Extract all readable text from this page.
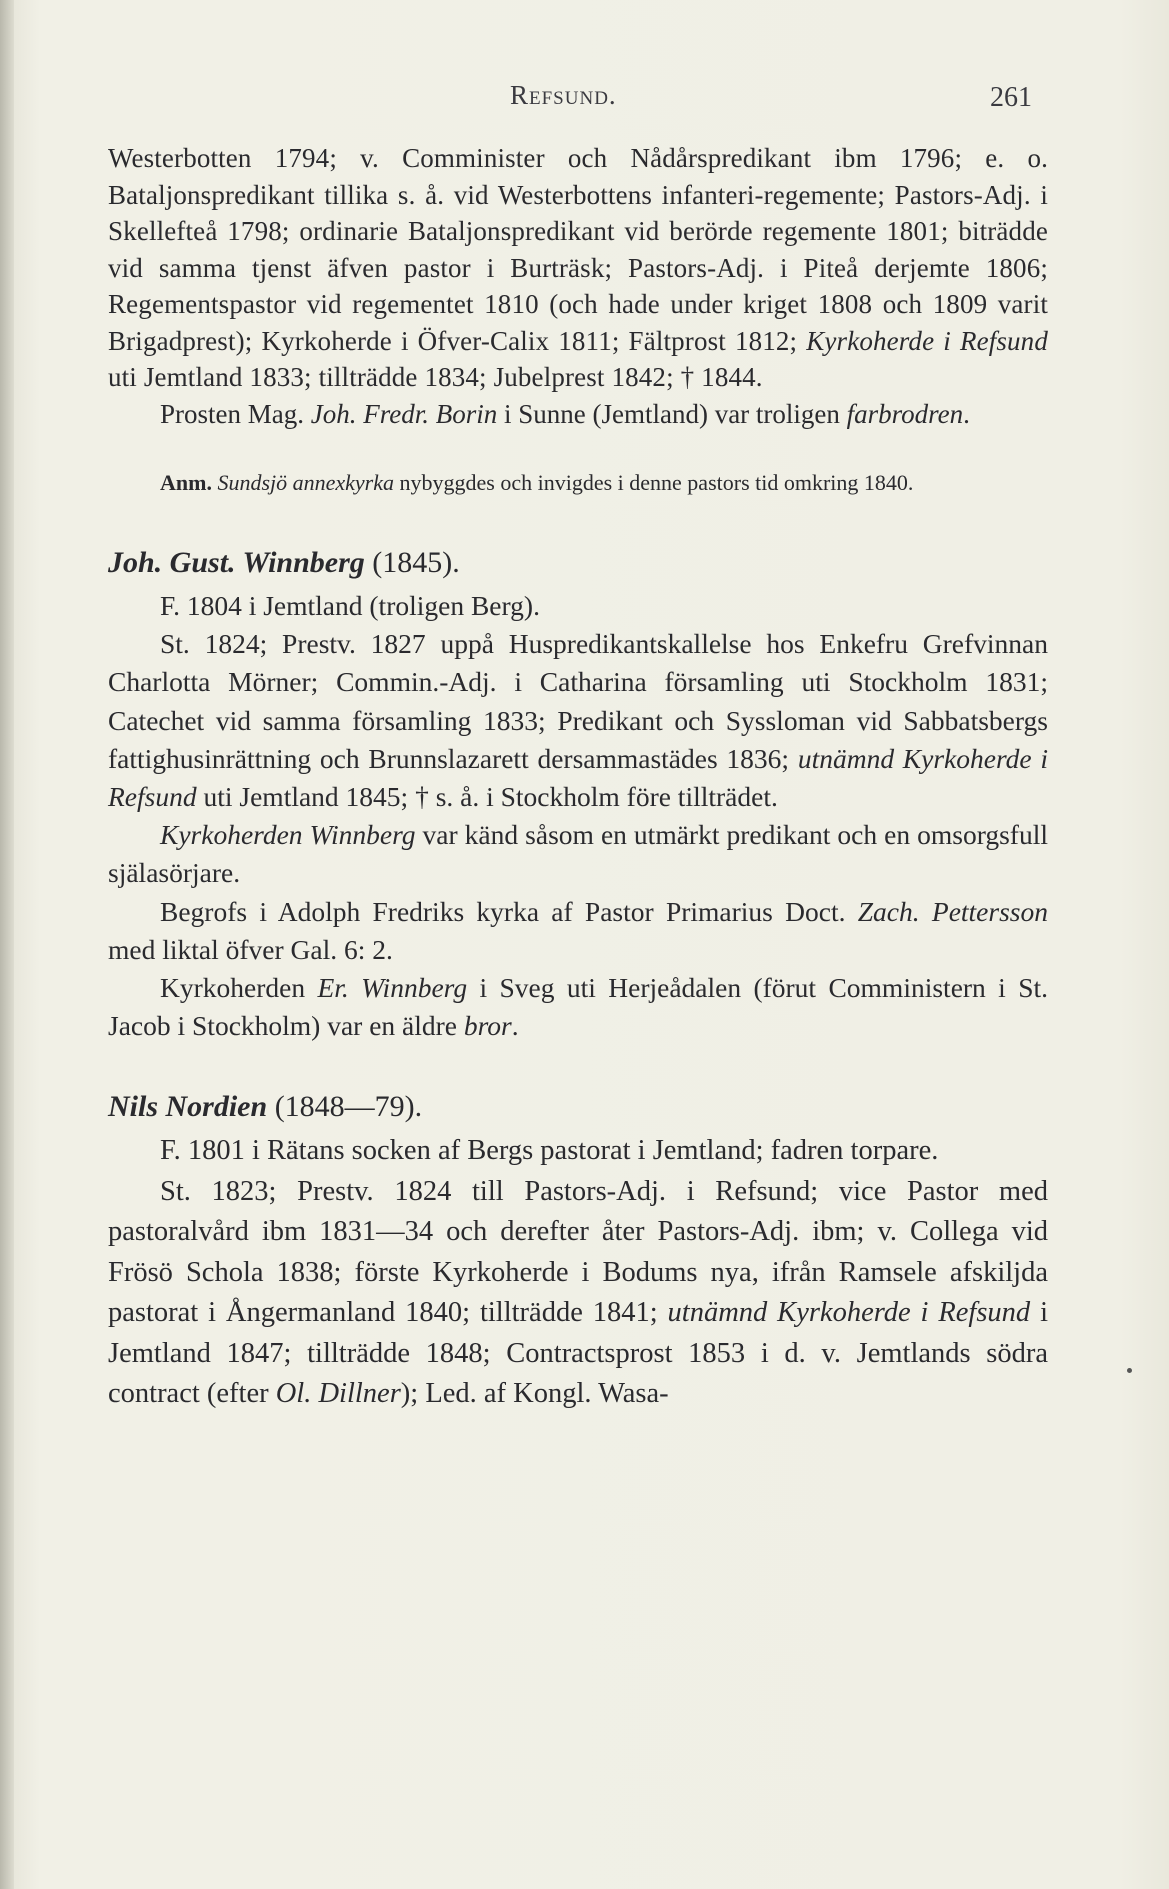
Refsund.	261

Westerbotten 1794; v. Comminister och Nådårspredikant ibm 1796; e. o. Bataljonspredikant tillika s. å. vid Westerbottens infanteri-regemente; Pastors-Adj. i Skellefteå 1798; ordinarie Bataljonspredikant vid berörde regemente 1801; biträdde vid samma tjenst äfven pastor i Burträsk; Pastors-Adj. i Piteå derjemte 1806; Regementspastor vid regementet 1810 (och hade under kriget 1808 och 1809 varit Brigadprest); Kyrkoherde i Öfver-Calix 1811; Fältprost 1812; Kyrkoherde i Refsund uti Jemtland 1833; tillträdde 1834; Jubelprest 1842; † 1844.

Prosten Mag. Joh. Fredr. Borin i Sunne (Jemtland) var troligen farbrodren.

Anm. Sundsjö annexkyrka nybyggdes och invigdes i denne pastors tid omkring 1840.

Joh. Gust. Winnberg (1845).

F. 1804 i Jemtland (troligen Berg).

St. 1824; Prestv. 1827 uppå Huspredikantskallelse hos Enkefru Grefvinnan Charlotta Mörner; Commin.-Adj. i Catharina församling uti Stockholm 1831; Catechet vid samma församling 1833; Predikant och Syssloman vid Sabbatsbergs fattighusinrättning och Brunnslazarett dersammastädes 1836; utnämnd Kyrkoherde i Refsund uti Jemtland 1845; † s. å. i Stockholm före tillträdet.

Kyrkoherden Winnberg var känd såsom en utmärkt predikant och en omsorgsfull själasörjare.

Begrofs i Adolph Fredriks kyrka af Pastor Primarius Doct. Zach. Pettersson med liktal öfver Gal. 6: 2.

Kyrkoherden Er. Winnberg i Sveg uti Herjeådalen (förut Comministern i St. Jacob i Stockholm) var en äldre bror.

Nils Nordien (1848—79).

F. 1801 i Rätans socken af Bergs pastorat i Jemtland; fadren torpare.

St. 1823; Prestv. 1824 till Pastors-Adj. i Refsund; vice Pastor med pastoralvård ibm 1831—34 och derefter åter Pastors-Adj. ibm; v. Collega vid Frösö Schola 1838; förste Kyrkoherde i Bodums nya, ifrån Ramsele afskiljda pastorat i Ångermanland 1840; tillträdde 1841; utnämnd Kyrkoherde i Refsund i Jemtland 1847; tillträdde 1848; Contractsprost 1853 i d. v. Jemtlands södra contract (efter Ol. Dillner); Led. af Kongl. Wasa-
